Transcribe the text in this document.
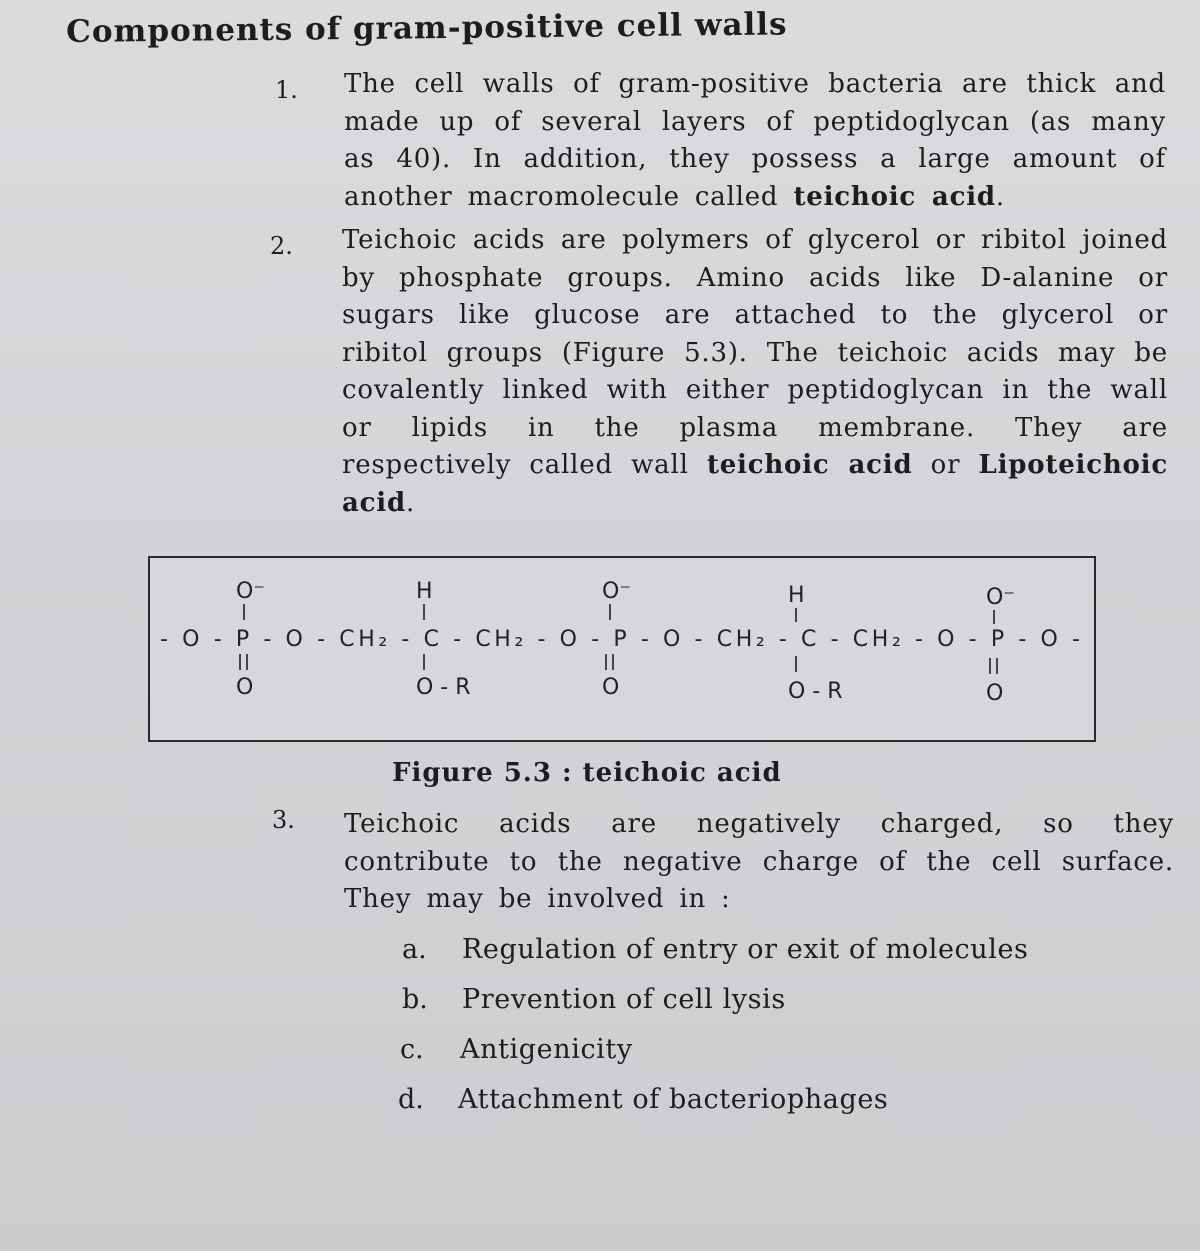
Components of gram-positive cell walls
1. The cell walls of gram-positive bacteria are thick and made up of several layers of peptidoglycan (as many as 40). In addition, they possess a large amount of another macromolecule called teichoic acid.
2. Teichoic acids are polymers of glycerol or ribitol joined by phosphate groups. Amino acids like D-alanine or sugars like glucose are attached to the glycerol or ribitol groups (Figure 5.3). The teichoic acids may be covalently linked with either peptidoglycan in the wall or lipids in the plasma membrane. They are respectively called wall teichoic acid or Lipoteichoic acid.
- O - P - O - CH₂ - C - CH₂ - O - P - O - CH₂ - C - CH₂ - O - P - O -
O⁻
O
H
O - R
O⁻
O
H
O - R
O⁻
O
Figure 5.3 : teichoic acid
3. Teichoic acids are negatively charged, so they contribute to the negative charge of the cell surface. They may be involved in :
a. Regulation of entry or exit of molecules
b. Prevention of cell lysis
c. Antigenicity
d. Attachment of bacteriophages
